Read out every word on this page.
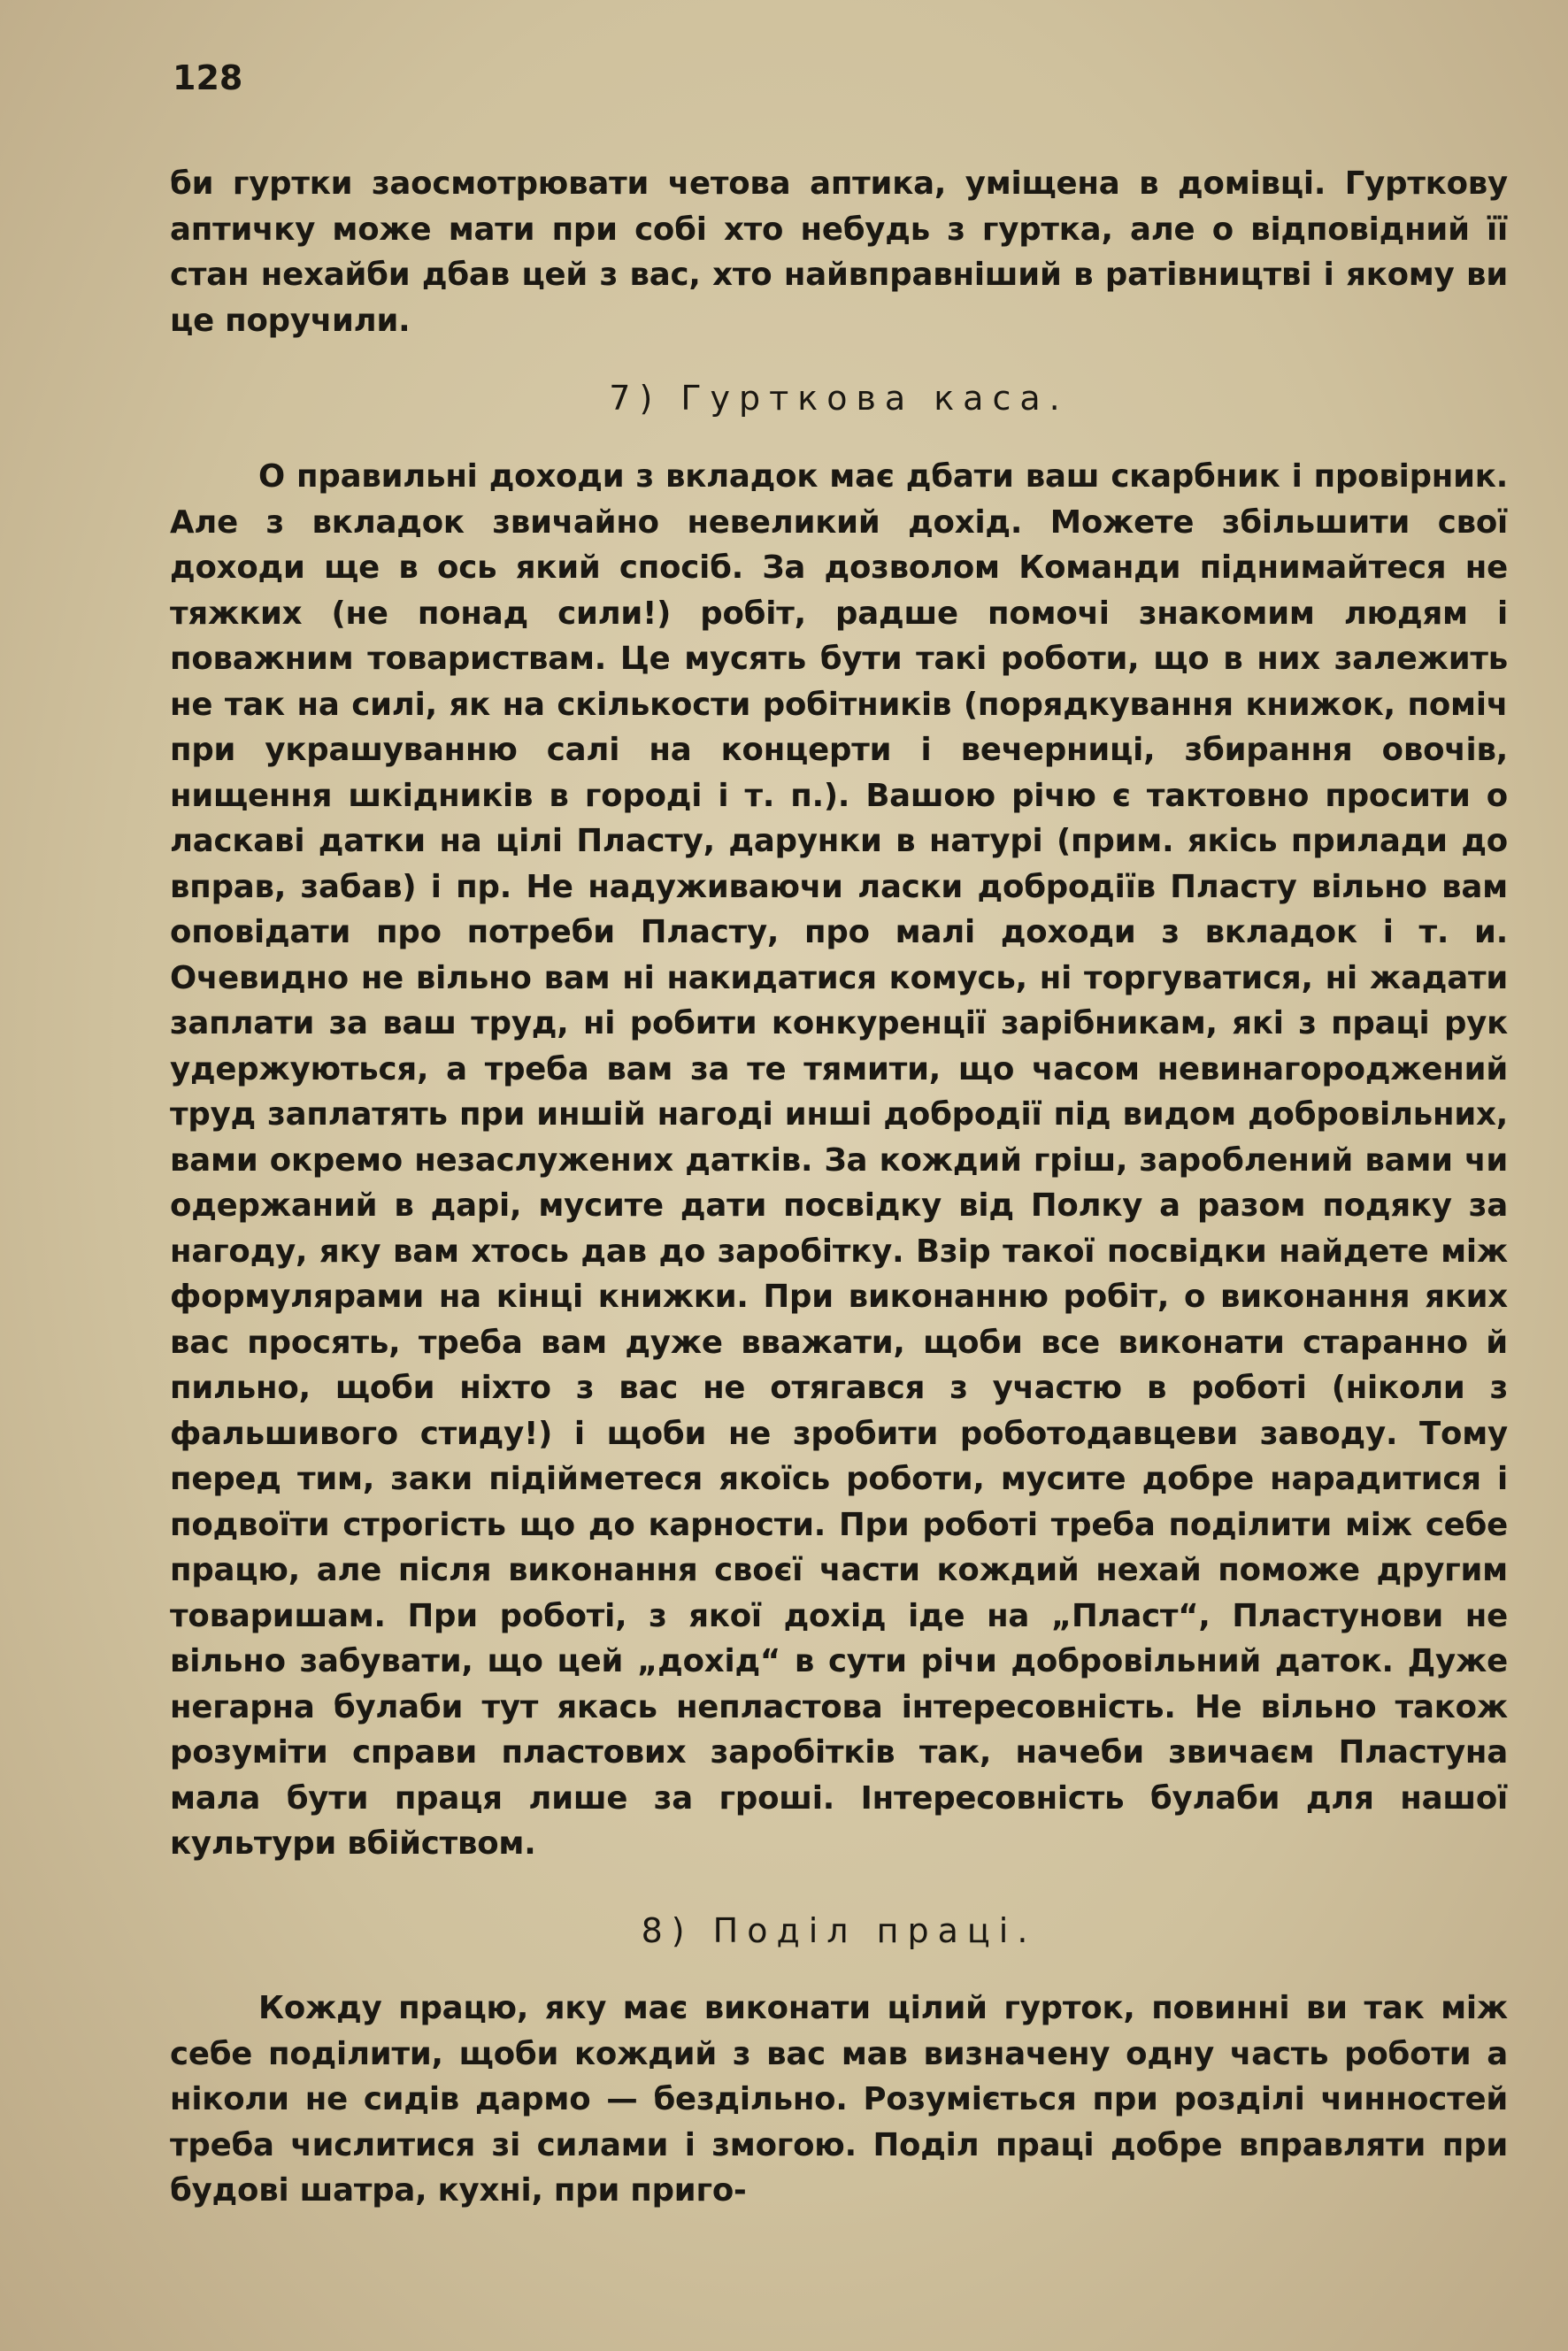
128

би гуртки заосмотрювати четова аптика, уміщена в домівці. Гурткову аптичку може мати при собі хто небудь з гуртка, але о відповідний її стан нехайби дбав цей з вас, хто найвправніший в ратівництві і якому ви це поручили.

7) Гурткова каса.

О правильні доходи з вкладок має дбати ваш скарбник і провірник. Але з вкладок звичайно невеликий дохід. Можете збільшити свої доходи ще в ось який спосіб. За дозволом Команди піднимайтеся не тяжких (не понад сили!) робіт, радше помочі знакомим людям і поважним товариствам. Це мусять бути такі роботи, що в них залежить не так на силі, як на скількости робітників (порядкування книжок, поміч при украшуванню салі на концерти і вечерниці, збирання овочів, нищення шкідників в городі і т. п.). Вашою річю є тактовно просити о ласкаві датки на цілі Пласту, дарунки в натурі (прим. якісь прилади до вправ, забав) і пр. Не надуживаючи ласки добродіїв Пласту вільно вам оповідати про потреби Пласту, про малі доходи з вкладок і т. и. Очевидно не вільно вам ні накидатися комусь, ні торгуватися, ні жадати заплати за ваш труд, ні робити конкуренції зарібникам, які з праці рук удержуються, а треба вам за те тямити, що часом невинагороджений труд заплатять при иншій нагоді инші добродії під видом добровільних, вами окремо незаслужених датків. За кождий гріш, зароблений вами чи одержаний в дарі, мусите дати посвідку від Полку а разом подяку за нагоду, яку вам хтось дав до заробітку. Взір такої посвідки найдете між формулярами на кінці книжки. При виконанню робіт, о виконання яких вас просять, треба вам дуже вважати, щоби все виконати старанно й пильно, щоби ніхто з вас не отягався з участю в роботі (ніколи з фальшивого стиду!) і щоби не зробити роботодавцеви заводу. Тому перед тим, заки підійметеся якоїсь роботи, мусите добре нарадитися і подвоїти строгість що до карности. При роботі треба поділити між себе працю, але після виконання своєї части кождий нехай поможе другим товаришам. При роботі, з якої дохід іде на „Пласт“, Пластунови не вільно забувати, що цей „дохід“ в сути річи добровільний даток. Дуже негарна булаби тут якась непластова інтересовність. Не вільно також розуміти справи пластових заробітків так, начеби звичаєм Пластуна мала бути праця лише за гроші. Інтересовність булаби для нашої культури вбійством.

8) Поділ праці.

Кожду працю, яку має виконати цілий гурток, повинні ви так між себе поділити, щоби кождий з вас мав визначену одну часть роботи а ніколи не сидів дармо — бездільно. Розуміється при розділі чинностей треба числитися зі силами і змогою. Поділ праці добре вправляти при будові шатра, кухні, при приго-
